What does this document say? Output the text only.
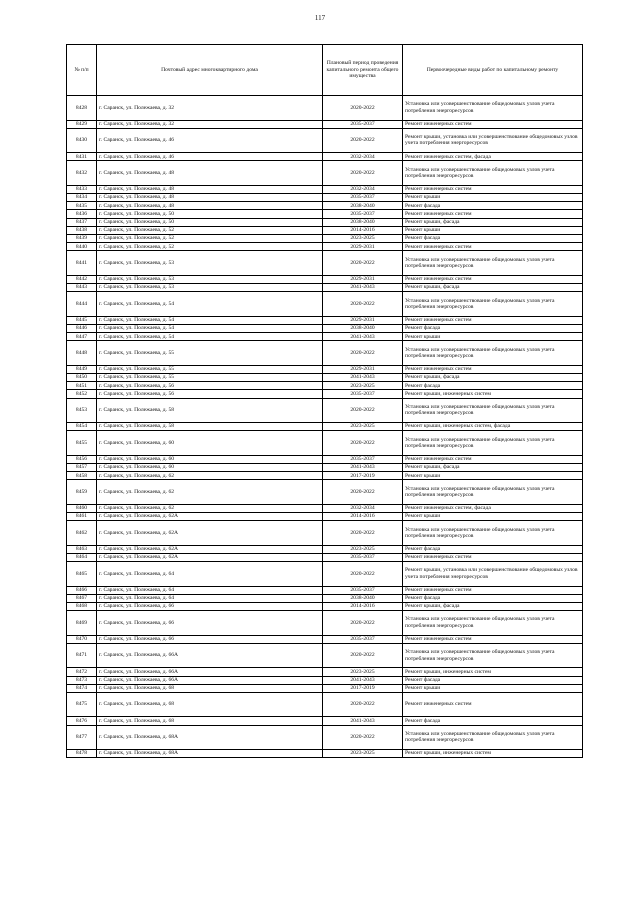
117
№ п/п	Почтовый адрес многоквартирного дома	Плановый период проведения капитального ремонта общего имущества	Первоочередные виды работ по капитальному ремонту
8428	г. Саранск, ул. Полежаева, д. 32	2020-2022	Установка или усовершенствование общедомовых узлов учета потребления энергоресурсов
8429	г. Саранск, ул. Полежаева, д. 32	2035-2037	Ремонт инженерных систем
8430	г. Саранск, ул. Полежаева, д. 46	2020-2022	Ремонт крыши, установка или усовершенствование общедомовых узлов учета потребления энергоресурсов
8431	г. Саранск, ул. Полежаева, д. 46	2032-2034	Ремонт инженерных систем, фасада
8432	г. Саранск, ул. Полежаева, д. 48	2020-2022	Установка или усовершенствование общедомовых узлов учета потребления энергоресурсов
8433	г. Саранск, ул. Полежаева, д. 48	2032-2034	Ремонт инженерных систем
8434	г. Саранск, ул. Полежаева, д. 48	2035-2037	Ремонт крыши
8435	г. Саранск, ул. Полежаева, д. 48	2038-2040	Ремонт фасада
8436	г. Саранск, ул. Полежаева, д. 50	2035-2037	Ремонт инженерных систем
8437	г. Саранск, ул. Полежаева, д. 50	2038-2040	Ремонт крыши, фасада
8438	г. Саранск, ул. Полежаева, д. 52	2014-2016	Ремонт крыши
8439	г. Саранск, ул. Полежаева, д. 52	2023-2025	Ремонт фасада
8440	г. Саранск, ул. Полежаева, д. 52	2029-2031	Ремонт инженерных систем
8441	г. Саранск, ул. Полежаева, д. 53	2020-2022	Установка или усовершенствование общедомовых узлов учета потребления энергоресурсов
8442	г. Саранск, ул. Полежаева, д. 53	2029-2031	Ремонт инженерных систем
8443	г. Саранск, ул. Полежаева, д. 53	2041-2043	Ремонт крыши, фасада
8444	г. Саранск, ул. Полежаева, д. 54	2020-2022	Установка или усовершенствование общедомовых узлов учета потребления энергоресурсов
8445	г. Саранск, ул. Полежаева, д. 54	2029-2031	Ремонт инженерных систем
8446	г. Саранск, ул. Полежаева, д. 54	2038-2040	Ремонт фасада
8447	г. Саранск, ул. Полежаева, д. 54	2041-2043	Ремонт крыши
8448	г. Саранск, ул. Полежаева, д. 55	2020-2022	Установка или усовершенствование общедомовых узлов учета потребления энергоресурсов
8449	г. Саранск, ул. Полежаева, д. 55	2029-2031	Ремонт инженерных систем
8450	г. Саранск, ул. Полежаева, д. 55	2041-2043	Ремонт крыши, фасада
8451	г. Саранск, ул. Полежаева, д. 56	2023-2025	Ремонт фасада
8452	г. Саранск, ул. Полежаева, д. 56	2035-2037	Ремонт крыши, инженерных систем
8453	г. Саранск, ул. Полежаева, д. 58	2020-2022	Установка или усовершенствование общедомовых узлов учета потребления энергоресурсов
8454	г. Саранск, ул. Полежаева, д. 58	2023-2025	Ремонт крыши, инженерных систем, фасада
8455	г. Саранск, ул. Полежаева, д. 60	2020-2022	Установка или усовершенствование общедомовых узлов учета потребления энергоресурсов
8456	г. Саранск, ул. Полежаева, д. 60	2035-2037	Ремонт инженерных систем
8457	г. Саранск, ул. Полежаева, д. 60	2041-2043	Ремонт крыши, фасада
8458	г. Саранск, ул. Полежаева, д. 62	2017-2019	Ремонт крыши
8459	г. Саранск, ул. Полежаева, д. 62	2020-2022	Установка или усовершенствование общедомовых узлов учета потребления энергоресурсов
8460	г. Саранск, ул. Полежаева, д. 62	2032-2034	Ремонт инженерных систем, фасада
8461	г. Саранск, ул. Полежаева, д. 62А	2014-2016	Ремонт крыши
8462	г. Саранск, ул. Полежаева, д. 62А	2020-2022	Установка или усовершенствование общедомовых узлов учета потребления энергоресурсов
8463	г. Саранск, ул. Полежаева, д. 62А	2023-2025	Ремонт фасада
8464	г. Саранск, ул. Полежаева, д. 62А	2035-2037	Ремонт инженерных систем
8465	г. Саранск, ул. Полежаева, д. 64	2020-2022	Ремонт крыши, установка или усовершенствование общедомовых узлов учета потребления энергоресурсов
8466	г. Саранск, ул. Полежаева, д. 64	2035-2037	Ремонт инженерных систем
8467	г. Саранск, ул. Полежаева, д. 64	2038-2040	Ремонт фасада
8468	г. Саранск, ул. Полежаева, д. 66	2014-2016	Ремонт крыши, фасада
8469	г. Саранск, ул. Полежаева, д. 66	2020-2022	Установка или усовершенствование общедомовых узлов учета потребления энергоресурсов
8470	г. Саранск, ул. Полежаева, д. 66	2035-2037	Ремонт инженерных систем
8471	г. Саранск, ул. Полежаева, д. 66А	2020-2022	Установка или усовершенствование общедомовых узлов учета потребления энергоресурсов
8472	г. Саранск, ул. Полежаева, д. 66А	2023-2025	Ремонт крыши, инженерных систем
8473	г. Саранск, ул. Полежаева, д. 66А	2041-2043	Ремонт фасада
8474	г. Саранск, ул. Полежаева, д. 68	2017-2019	Ремонт крыши
8475	г. Саранск, ул. Полежаева, д. 68	2020-2022	Ремонт инженерных систем
8476	г. Саранск, ул. Полежаева, д. 68	2041-2043	Ремонт фасада
8477	г. Саранск, ул. Полежаева, д. 68А	2020-2022	Установка или усовершенствование общедомовых узлов учета потребления энергоресурсов
8478	г. Саранск, ул. Полежаева, д. 68А	2023-2025	Ремонт крыши, инженерных систем
